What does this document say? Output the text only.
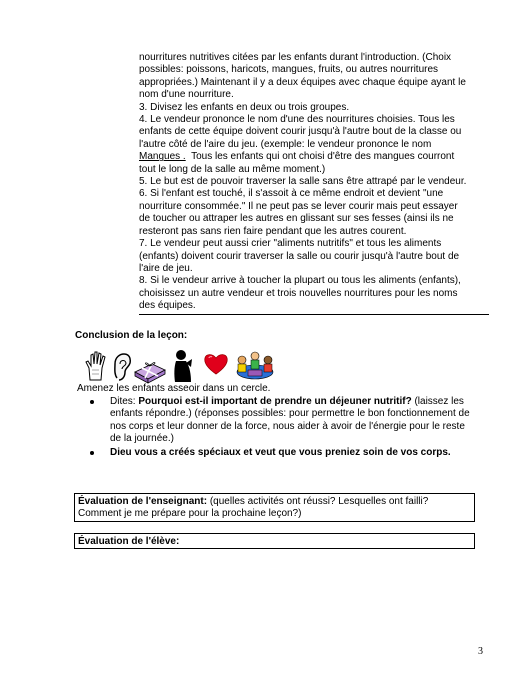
nourritures nutritives citées par les enfants durant l'introduction. (Choix

possibles: poissons, haricots, mangues, fruits, ou autres nourritures

appropriées.) Maintenant il y a deux équipes avec chaque équipe ayant le

nom d'une nourriture.

3. Divisez les enfants en deux ou trois groupes.

4. Le vendeur prononce le nom d'une des nourritures choisies. Tous les

enfants de cette équipe doivent courir jusqu'à l'autre bout de la classe ou

l'autre côté de l'aire du jeu. (exemple: le vendeur prononce le nom

Mangues .  Tous les enfants qui ont choisi d'être des mangues courront

tout le long de la salle au même moment.)

5. Le but est de pouvoir traverser la salle sans être attrapé par le vendeur.

6. Si l'enfant est touché, il s'assoit à ce même endroit et devient "une

nourriture consommée." Il ne peut pas se lever courir mais peut essayer

de toucher ou attraper les autres en glissant sur ses fesses (ainsi ils ne

resteront pas sans rien faire pendant que les autres courent.

7. Le vendeur peut aussi crier "aliments nutritifs" et tous les aliments

(enfants) doivent courir traverser la salle ou courir jusqu'à l'autre bout de

l'aire de jeu.

8. Si le vendeur arrive à toucher la plupart ou tous les aliments (enfants),

choisissez un autre vendeur et trois nouvelles nourritures pour les noms

des équipes.

Conclusion de la leçon:
Amenez les enfants asseoir dans un cercle.
Dites: Pourquoi est-il important de prendre un déjeuner nutritif? (laissez les
enfants répondre.) (réponses possibles: pour permettre le bon fonctionnement de
nos corps et leur donner de la force, nous aider à avoir de l'énergie pour le reste
de la journée.)
Dieu vous a créés spéciaux et veut que vous preniez soin de vos corps.
Évaluation de l'enseignant: (quelles activités ont réussi? Lesquelles ont failli?
Comment je me prépare pour la prochaine leçon?)
Évaluation de l'élève:
3
